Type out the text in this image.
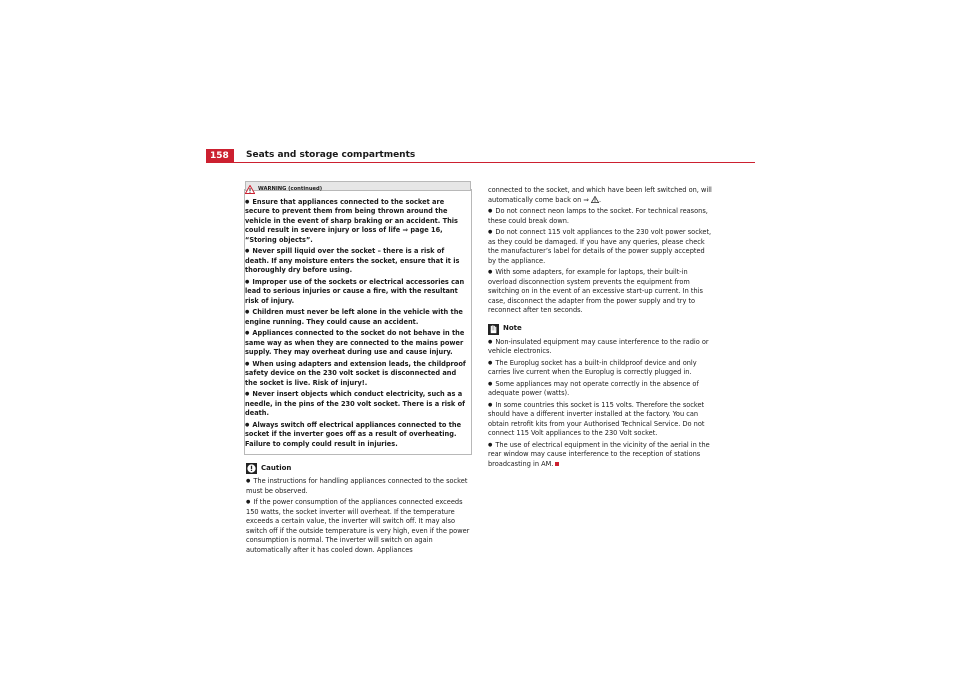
158	Seats and storage compartments
WARNING (continued)

● Ensure that appliances connected to the socket are secure to prevent them from being thrown around the vehicle in the event of sharp braking or an accident. This could result in severe injury or loss of life ⇒ page 16, “Storing objects”.

● Never spill liquid over the socket – there is a risk of death. If any moisture enters the socket, ensure that it is thoroughly dry before using.

● Improper use of the sockets or electrical accessories can lead to serious injuries or cause a fire, with the resultant risk of injury.

● Children must never be left alone in the vehicle with the engine running. They could cause an accident.

● Appliances connected to the socket do not behave in the same way as when they are connected to the mains power supply. They may overheat during use and cause injury.

● When using adapters and extension leads, the childproof safety device on the 230 volt socket is disconnected and the socket is live. Risk of injury!.

● Never insert objects which conduct electricity, such as a needle, in the pins of the 230 volt socket. There is a risk of death.

● Always switch off electrical appliances connected to the socket if the inverter goes off as a result of overheating. Failure to comply could result in injuries.

Caution

● The instructions for handling appliances connected to the socket must be observed.

● If the power consumption of the appliances connected exceeds 150 watts, the socket inverter will overheat. If the temperature exceeds a certain value, the inverter will switch off. It may also switch off if the outside temperature is very high, even if the power consumption is normal. The inverter will switch on again automatically after it has cooled down. Appliances

connected to the socket, and which have been left switched on, will automatically come back on ⇒ .

● Do not connect neon lamps to the socket. For technical reasons, these could break down.

● Do not connect 115 volt appliances to the 230 volt power socket, as they could be damaged. If you have any queries, please check the manufacturer’s label for details of the power supply accepted by the appliance.

● With some adapters, for example for laptops, their built-in overload disconnection system prevents the equipment from switching on in the event of an excessive start-up current. In this case, disconnect the adapter from the power supply and try to reconnect after ten seconds.

Note

● Non-insulated equipment may cause interference to the radio or vehicle electronics.

● The Europlug socket has a built-in childproof device and only carries live current when the Europlug is correctly plugged in.

● Some appliances may not operate correctly in the absence of adequate power (watts).

● In some countries this socket is 115 volts. Therefore the socket should have a different inverter installed at the factory. You can obtain retrofit kits from your Authorised Technical Service. Do not connect 115 Volt appliances to the 230 Volt socket.

● The use of electrical equipment in the vicinity of the aerial in the rear window may cause interference to the reception of stations broadcasting in AM.
